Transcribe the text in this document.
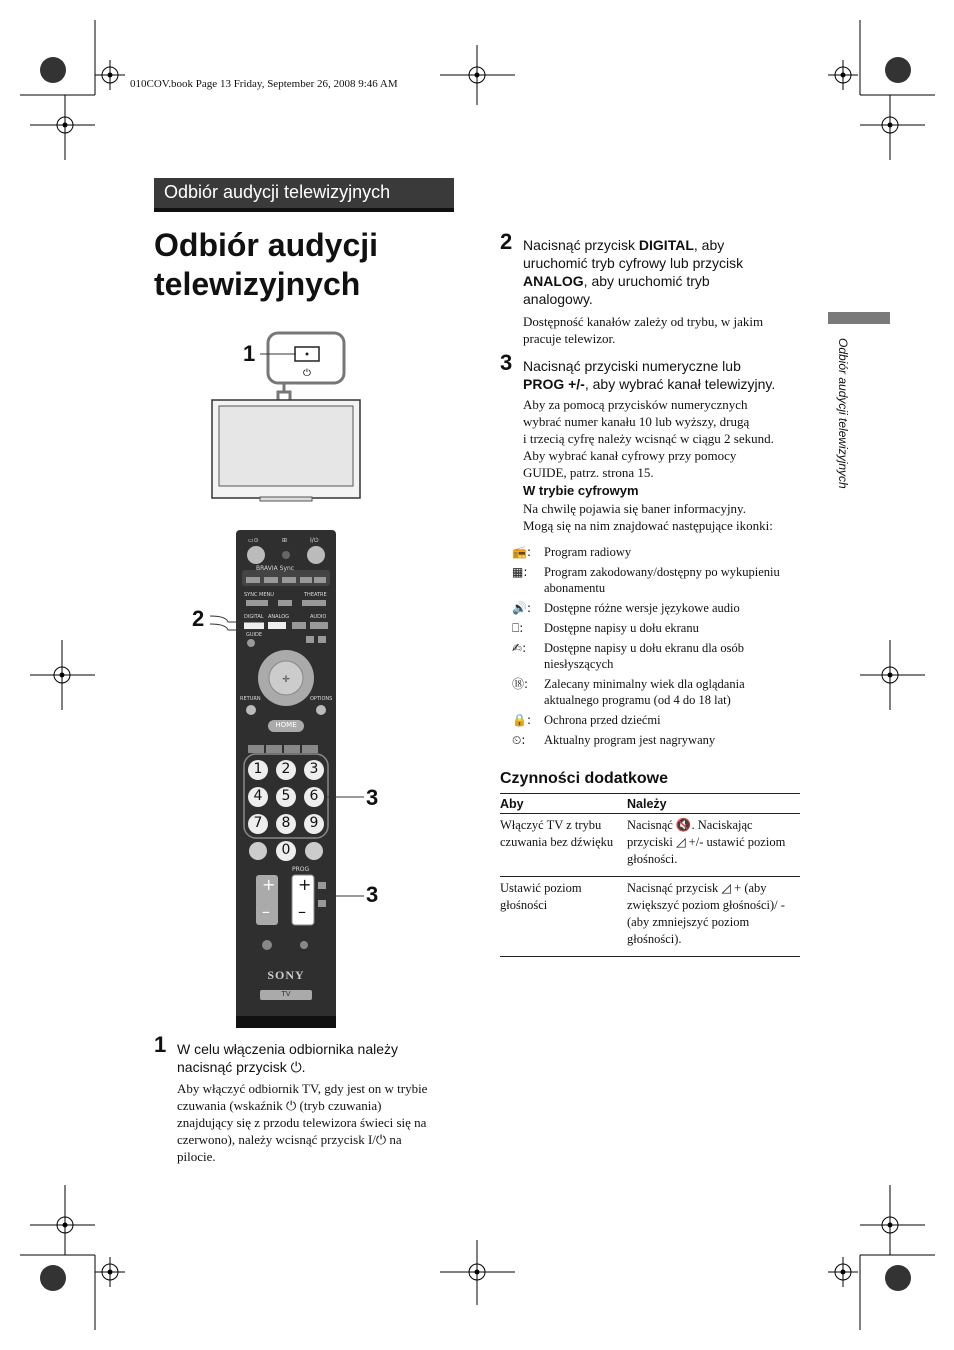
010COV.book Page 13 Friday, September 26, 2008 9:46 AM
Odbiór audycji telewizyjnych
Odbiór audycji
telewizyjnych
Odbiór audycji telewizyjnych
⏻
1
▭⊙	⊞	I/⏻
✛
BRAVIA Sync
SYNC MENU	THEATRE
DIGITAL ANALOG	AUDIO
GUIDE
RETURN	OPTIONS
HOME
PROG
+
–
+
–
SONY
TV
1 2 3
4 5 6
7 8 9
0
2
3
3
1 W celu włączenia odbiornika należy
nacisnąć przycisk ⏻.
Aby włączyć odbiornik TV, gdy jest on w trybie
czuwania (wskaźnik ⏻ (tryb czuwania)
znajdujący się z przodu telewizora świeci się na
czerwono), należy wcisnąć przycisk I/⏻ na
pilocie.
2 Nacisnąć przycisk DIGITAL, aby
uruchomić tryb cyfrowy lub przycisk
ANALOG, aby uruchomić tryb
analogowy.
Dostępność kanałów zależy od trybu, w jakim
pracuje telewizor.
3 Nacisnąć przyciski numeryczne lub
PROG +/-, aby wybrać kanał telewizyjny.
Aby za pomocą przycisków numerycznych
wybrać numer kanału 10 lub wyższy, drugą
i trzecią cyfrę należy wcisnąć w ciągu 2 sekund.
Aby wybrać kanał cyfrowy przy pomocy
GUIDE, patrz. strona 15.
W trybie cyfrowym
Na chwilę pojawia się baner informacyjny.
Mogą się na nim znajdować następujące ikonki:
📻:	Program radiowy
▦:	Program zakodowany/dostępny po wykupieniu abonamentu
🔊:	Dostępne różne wersje językowe audio
⎕:	Dostępne napisy u dołu ekranu
✍:	Dostępne napisy u dołu ekranu dla osób niesłyszących
⑱:	Zalecany minimalny wiek dla oglądania aktualnego programu (od 4 do 18 lat)
🔒:	Ochrona przed dziećmi
⏲:	Aktualny program jest nagrywany
Czynności dodatkowe
Aby	Należy
Włączyć TV z trybu czuwania bez dźwięku	Nacisnąć 🔇. Naciskając przyciski ◿ +/- ustawić poziom głośności.
Ustawić poziom głośności	Nacisnąć przycisk ◿ + (aby zwiększyć poziom głośności)/ - (aby zmniejszyć poziom głośności).
